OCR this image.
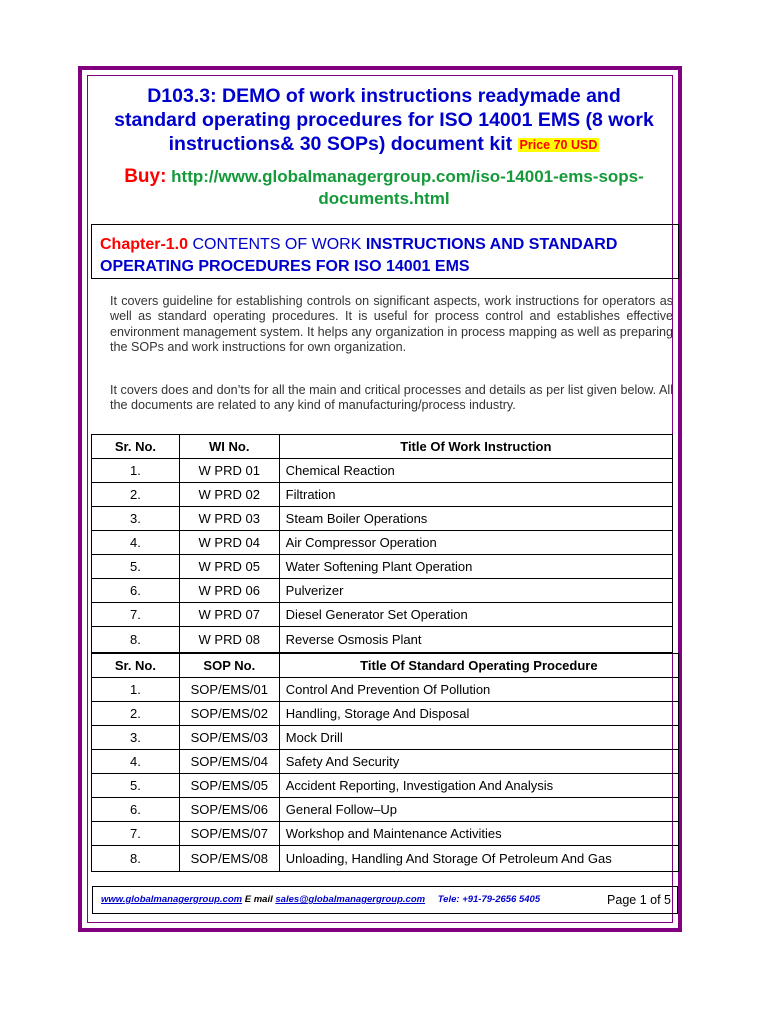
D103.3: DEMO of work instructions readymade and
standard operating procedures for ISO 14001 EMS (8 work
instructions& 30 SOPs) document kit Price 70 USD
Buy: http://www.globalmanagergroup.com/iso-14001-ems-sops-
documents.html
Chapter-1.0 CONTENTS OF WORK INSTRUCTIONS AND STANDARD
OPERATING PROCEDURES FOR ISO 14001 EMS

It covers guideline for establishing controls on significant aspects, work instructions for operators as well as standard operating procedures. It is useful for process control and establishes effective environment management system. It helps any organization in process mapping as well as preparing the SOPs and work instructions for own organization.

It covers does and don’ts for all the main and critical processes and details as per list given below. All the documents are related to any kind of manufacturing/process industry.

Sr. No.	WI No.	Title Of Work Instruction
1.	W PRD 01	Chemical Reaction
2.	W PRD 02	Filtration
3.	W PRD 03	Steam Boiler Operations
4.	W PRD 04	Air Compressor Operation
5.	W PRD 05	Water Softening Plant Operation
6.	W PRD 06	Pulverizer
7.	W PRD 07	Diesel Generator Set Operation
8.	W PRD 08	Reverse Osmosis Plant
Sr. No.	SOP No.	Title Of Standard Operating Procedure
1.	SOP/EMS/01	Control And Prevention Of Pollution
2.	SOP/EMS/02	Handling, Storage And Disposal
3.	SOP/EMS/03	Mock Drill
4.	SOP/EMS/04	Safety And Security
5.	SOP/EMS/05	Accident Reporting, Investigation And Analysis
6.	SOP/EMS/06	General Follow–Up
7.	SOP/EMS/07	Workshop and Maintenance Activities
8.	SOP/EMS/08	Unloading, Handling And Storage Of Petroleum And Gas
www.globalmanagergroup.com E mail sales@globalmanagergroup.com Tele: +91-79-2656 5405	Page 1 of 5
